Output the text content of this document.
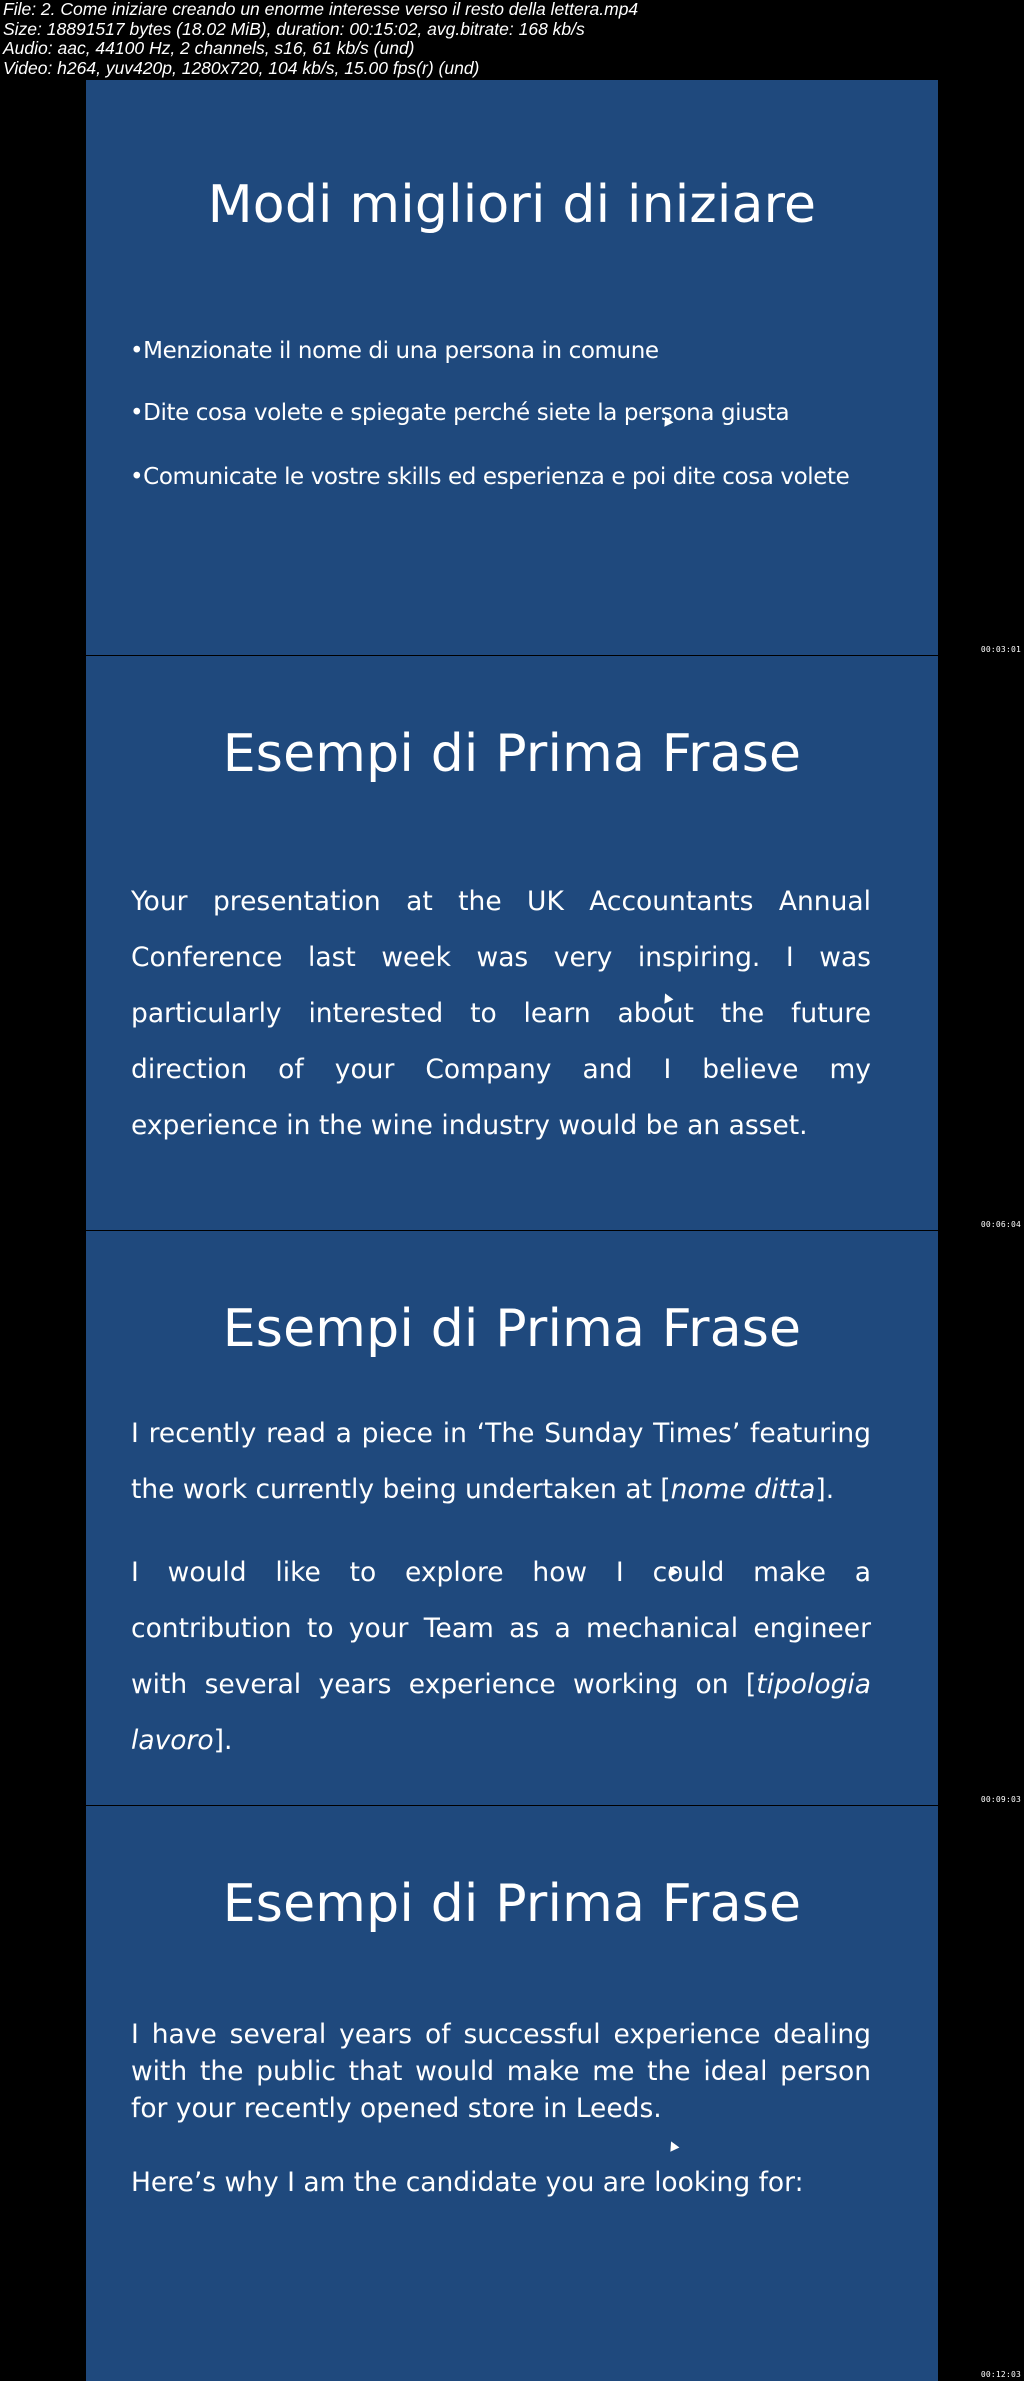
File: 2. Come iniziare creando un enorme interesse verso il resto della lettera.mp4
Size: 18891517 bytes (18.02 MiB), duration: 00:15:02, avg.bitrate: 168 kb/s
Audio: aac, 44100 Hz, 2 channels, s16, 61 kb/s (und)
Video: h264, yuv420p, 1280x720, 104 kb/s, 15.00 fps(r) (und)
Modi migliori di iniziare
•Menzionate il nome di una persona in comune
•Dite cosa volete e spiegate perché siete la persona giusta
•Comunicate le vostre skills ed esperienza e poi dite cosa volete
00:03:01
Esempi di Prima Frase
Your presentation at the UK Accountants Annual
Conference last week was very inspiring. I was
particularly interested to learn about the future
direction of your Company and I believe my
experience in the wine industry would be an asset.
00:06:04
Esempi di Prima Frase
I recently read a piece in ‘The Sunday Times’ featuring
the work currently being undertaken at [nome ditta].
I would like to explore how I could make a
contribution to your Team as a mechanical engineer
with several years experience working on [tipologia
lavoro].
00:09:03
Esempi di Prima Frase
I have several years of successful experience dealing
with the public that would make me the ideal person
for your recently opened store in Leeds.
Here’s why I am the candidate you are looking for:
00:12:03
